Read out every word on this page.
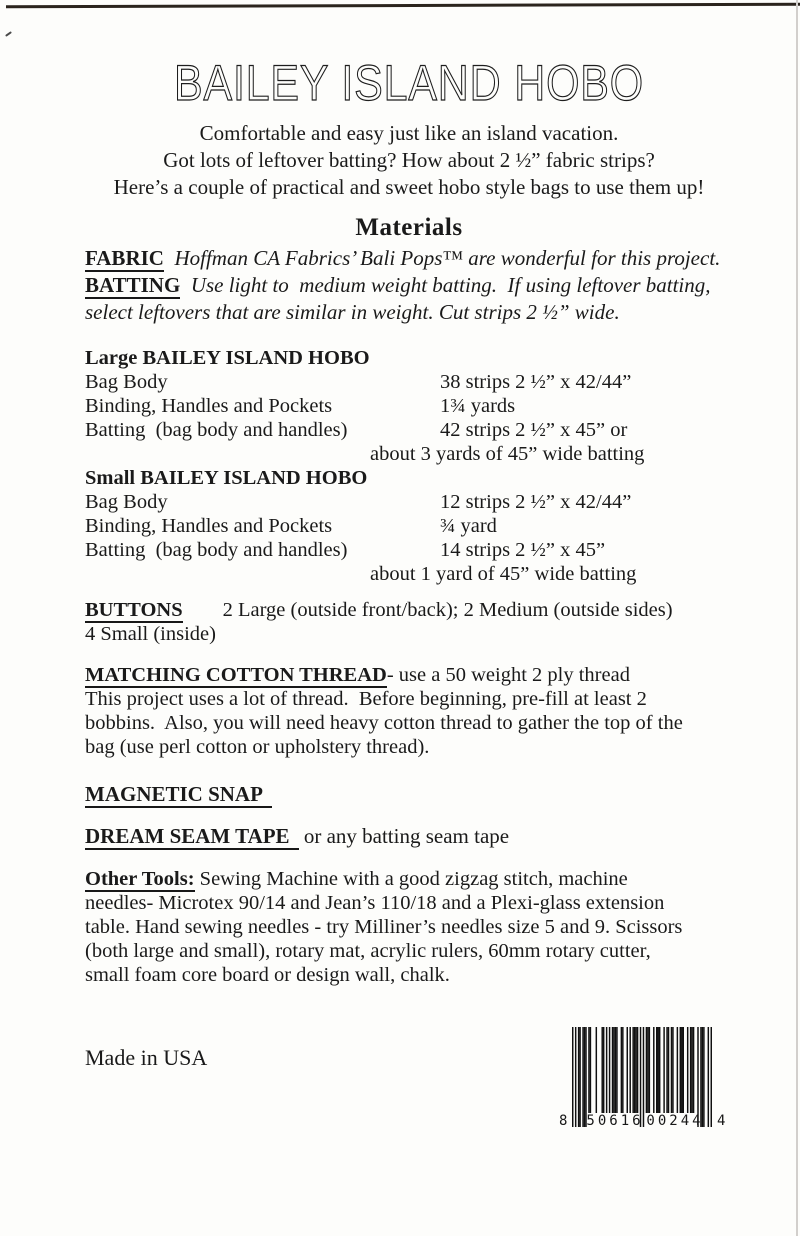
BAILEY ISLAND HOBO
Comfortable and easy just like an island vacation.
Got lots of leftover batting? How about 2 ½” fabric strips?
Here’s a couple of practical and sweet hobo style bags to use them up!
Materials
FABRIC Hoffman CA Fabrics’ Bali Pops™ are wonderful for this project.
BATTING Use light to  medium weight batting.  If using leftover batting,
select leftovers that are similar in weight. Cut strips 2 ½” wide.
Large BAILEY ISLAND HOBO
Bag Body	38 strips 2 ½” x 42/44”
Binding, Handles and Pockets	1¾ yards
Batting  (bag body and handles)	42 strips 2 ½” x 45” or
about 3 yards of 45” wide batting
Small BAILEY ISLAND HOBO
Bag Body	12 strips 2 ½” x 42/44”
Binding, Handles and Pockets	¾ yard
Batting  (bag body and handles)	14 strips 2 ½” x 45”
about 1 yard of 45” wide batting
BUTTONS 2 Large (outside front/back); 2 Medium (outside sides)
4 Small (inside)
MATCHING COTTON THREAD- use a 50 weight 2 ply thread
This project uses a lot of thread.  Before beginning, pre-fill at least 2
bobbins.  Also, you will need heavy cotton thread to gather the top of the
bag (use perl cotton or upholstery thread).
MAGNETIC SNAP
DREAM SEAM TAPE or any batting seam tape
Other Tools: Sewing Machine with a good zigzag stitch, machine
needles- Microtex 90/14 and Jean’s 110/18 and a Plexi-glass extension
table. Hand sewing needles - try Milliner’s needles size 5 and 9. Scissors
(both large and small), rotary mat, acrylic rulers, 60mm rotary cutter,
small foam core board or design wall, chalk.
Made in USA
8 50616 00244 4
